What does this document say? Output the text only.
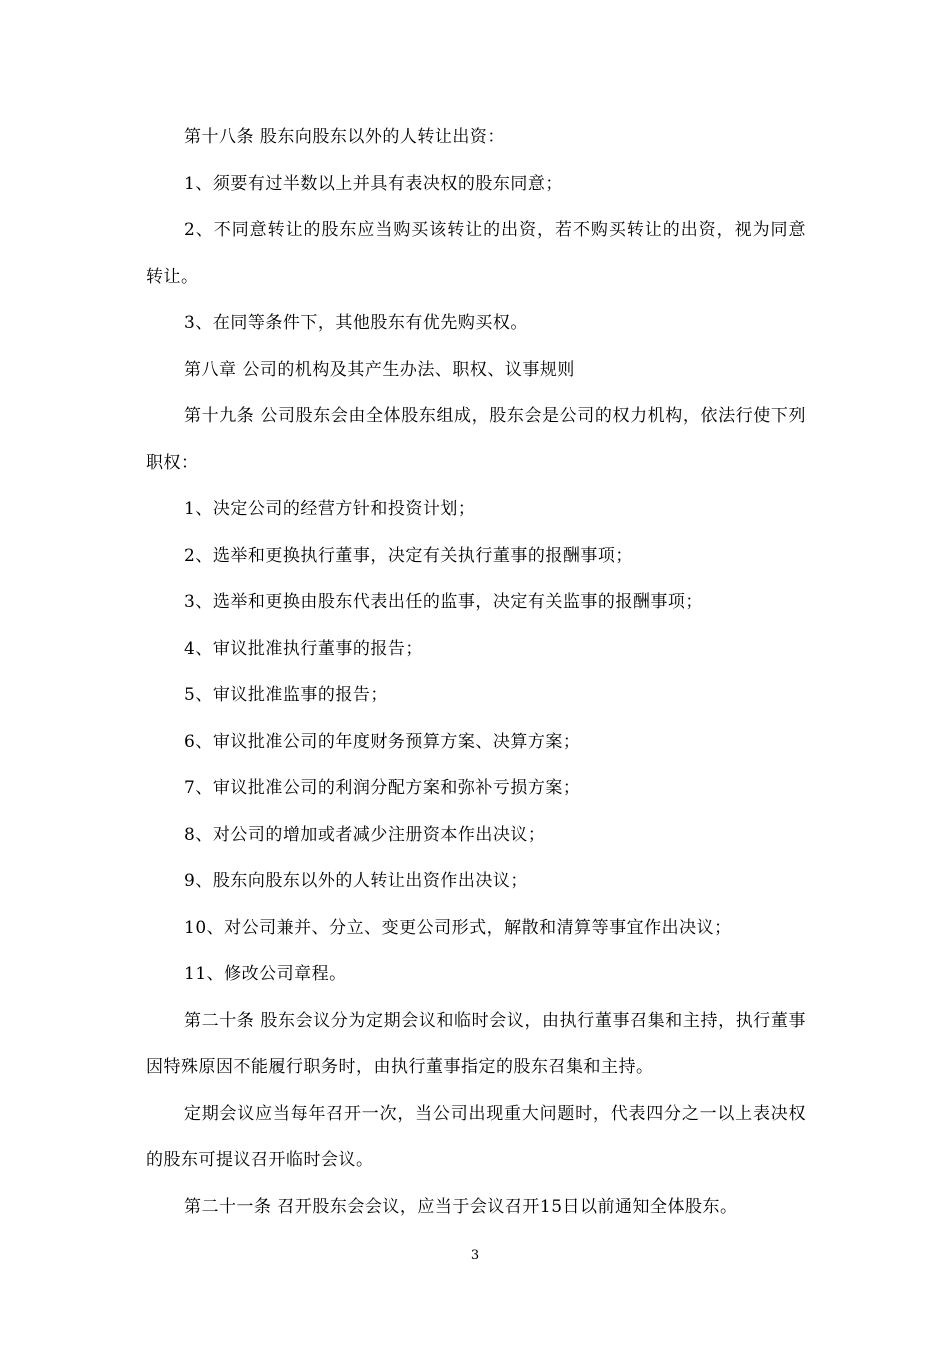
第十八条 股东向股东以外的人转让出资：

1、须要有过半数以上并具有表决权的股东同意；

2、不同意转让的股东应当购买该转让的出资，若不购买转让的出资，视为同意转让。

3、在同等条件下，其他股东有优先购买权。

第八章 公司的机构及其产生办法、职权、议事规则

第十九条 公司股东会由全体股东组成，股东会是公司的权力机构，依法行使下列职权：

1、决定公司的经营方针和投资计划；

2、选举和更换执行董事，决定有关执行董事的报酬事项；

3、选举和更换由股东代表出任的监事，决定有关监事的报酬事项；

4、审议批准执行董事的报告；

5、审议批准监事的报告；

6、审议批准公司的年度财务预算方案、决算方案；

7、审议批准公司的利润分配方案和弥补亏损方案；

8、对公司的增加或者减少注册资本作出决议；

9、股东向股东以外的人转让出资作出决议；

10、对公司兼并、分立、变更公司形式，解散和清算等事宜作出决议；

11、修改公司章程。

第二十条 股东会议分为定期会议和临时会议，由执行董事召集和主持，执行董事因特殊原因不能履行职务时，由执行董事指定的股东召集和主持。

定期会议应当每年召开一次，当公司出现重大问题时，代表四分之一以上表决权的股东可提议召开临时会议。

第二十一条 召开股东会会议，应当于会议召开15日以前通知全体股东。

3
